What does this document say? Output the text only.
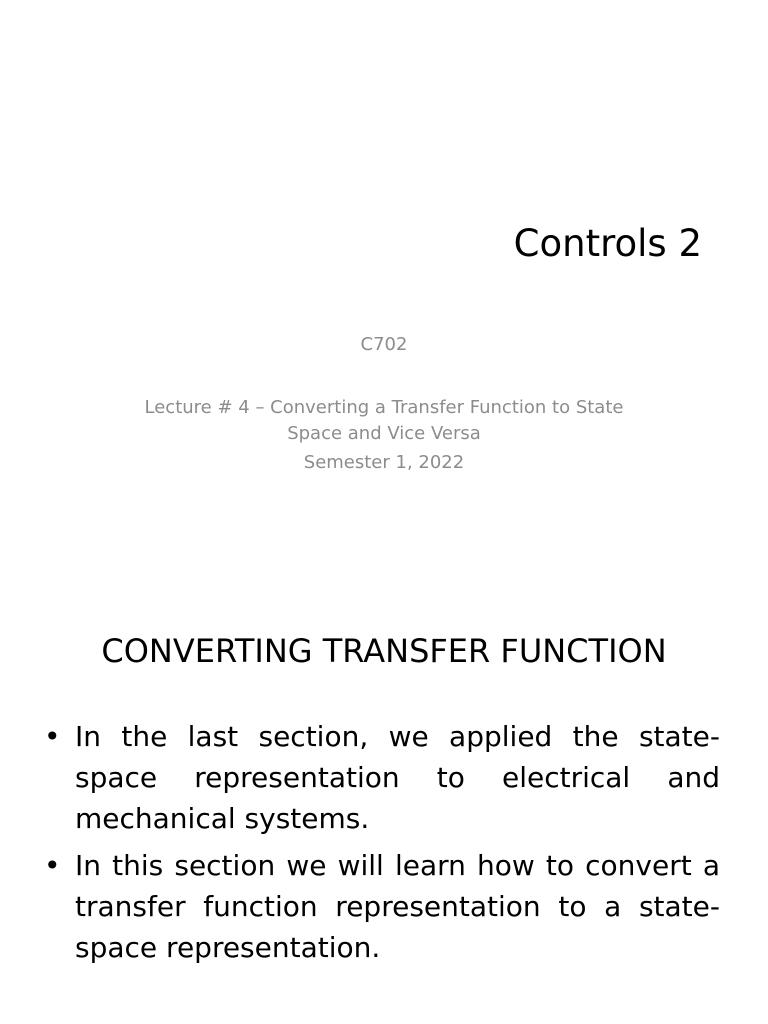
Controls 2
C702
Lecture # 4 – Converting a Transfer Function to State Space and Vice Versa
Semester 1, 2022
CONVERTING TRANSFER FUNCTION
• In the last section, we applied the state-space representation to electrical and mechanical systems.
• In this section we will learn how to convert a transfer function representation to a state-space representation.
